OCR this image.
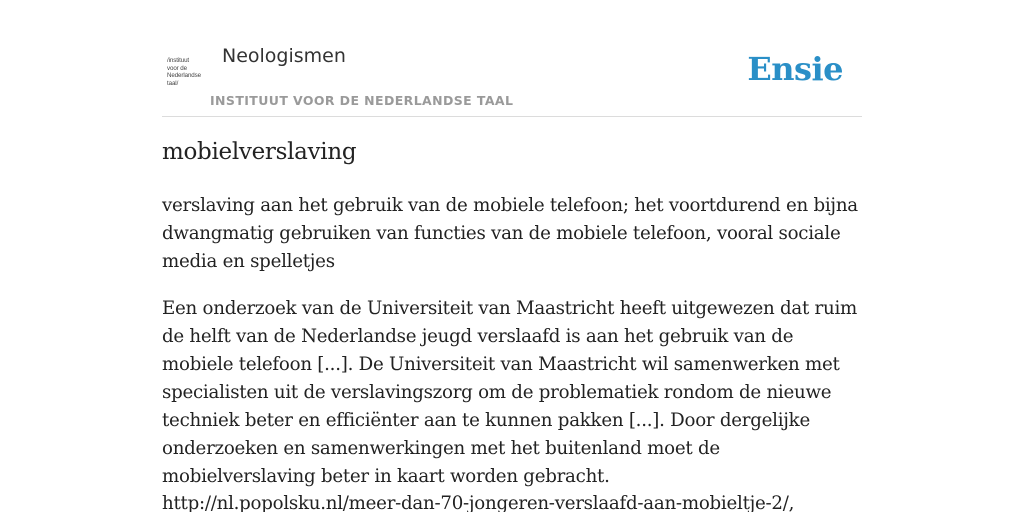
/instituut
voor de
Nederlandse
taal/
Neologismen
INSTITUUT VOOR DE NEDERLANDSE TAAL
Ensie
mobielverslaving

verslaving aan het gebruik van de mobiele telefoon; het voortdurend en bijna dwangmatig gebruiken van functies van de mobiele telefoon, vooral sociale media en spelletjes

Een onderzoek van de Universiteit van Maastricht heeft uitgewezen dat ruim de helft van de Nederlandse jeugd verslaafd is aan het gebruik van de mobiele telefoon [...]. De Universiteit van Maastricht wil samenwerken met specialisten uit de verslavingszorg om de problematiek rondom de nieuwe techniek beter en efficiënter aan te kunnen pakken [...]. Door dergelijke onderzoeken en samenwerkingen met het buitenland moet de mobielverslaving beter in kaart worden gebracht.

http://nl.popolsku.nl/meer-dan-70-jongeren-verslaafd-aan-mobieltje-2/,
